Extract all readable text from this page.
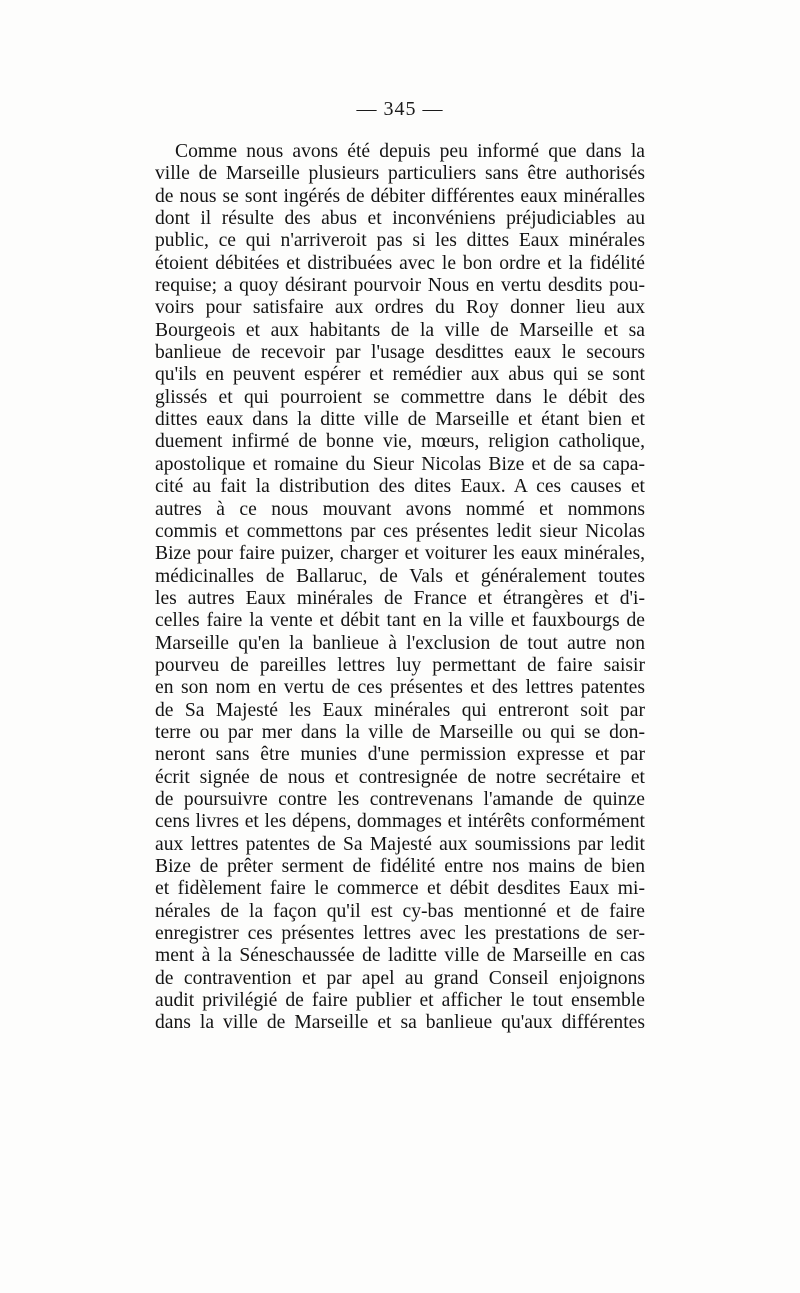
— 345 —
Comme nous avons été depuis peu informé que dans la
ville de Marseille plusieurs particuliers sans être authorisés
de nous se sont ingérés de débiter différentes eaux minéralles
dont il résulte des abus et inconvéniens préjudiciables au
public, ce qui n'arriveroit pas si les dittes Eaux minérales
étoient débitées et distribuées avec le bon ordre et la fidélité
requise; a quoy désirant pourvoir Nous en vertu desdits pou-
voirs pour satisfaire aux ordres du Roy donner lieu aux
Bourgeois et aux habitants de la ville de Marseille et sa
banlieue de recevoir par l'usage desdittes eaux le secours
qu'ils en peuvent espérer et remédier aux abus qui se sont
glissés et qui pourroient se commettre dans le débit des
dittes eaux dans la ditte ville de Marseille et étant bien et
duement infirmé de bonne vie, mœurs, religion catholique,
apostolique et romaine du Sieur Nicolas Bize et de sa capa-
cité au fait la distribution des dites Eaux. A ces causes et
autres à ce nous mouvant avons nommé et nommons
commis et commettons par ces présentes ledit sieur Nicolas
Bize pour faire puizer, charger et voiturer les eaux minérales,
médicinalles de Ballaruc, de Vals et généralement toutes
les autres Eaux minérales de France et étrangères et d'i-
celles faire la vente et débit tant en la ville et fauxbourgs de
Marseille qu'en la banlieue à l'exclusion de tout autre non
pourveu de pareilles lettres luy permettant de faire saisir
en son nom en vertu de ces présentes et des lettres patentes
de Sa Majesté les Eaux minérales qui entreront soit par
terre ou par mer dans la ville de Marseille ou qui se don-
neront sans être munies d'une permission expresse et par
écrit signée de nous et contresignée de notre secrétaire et
de poursuivre contre les contrevenans l'amande de quinze
cens livres et les dépens, dommages et intérêts conformément
aux lettres patentes de Sa Majesté aux soumissions par ledit
Bize de prêter serment de fidélité entre nos mains de bien
et fidèlement faire le commerce et débit desdites Eaux mi-
nérales de la façon qu'il est cy-bas mentionné et de faire
enregistrer ces présentes lettres avec les prestations de ser-
ment à la Séneschaussée de laditte ville de Marseille en cas
de contravention et par apel au grand Conseil enjoignons
audit privilégié de faire publier et afficher le tout ensemble
dans la ville de Marseille et sa banlieue qu'aux différentes
